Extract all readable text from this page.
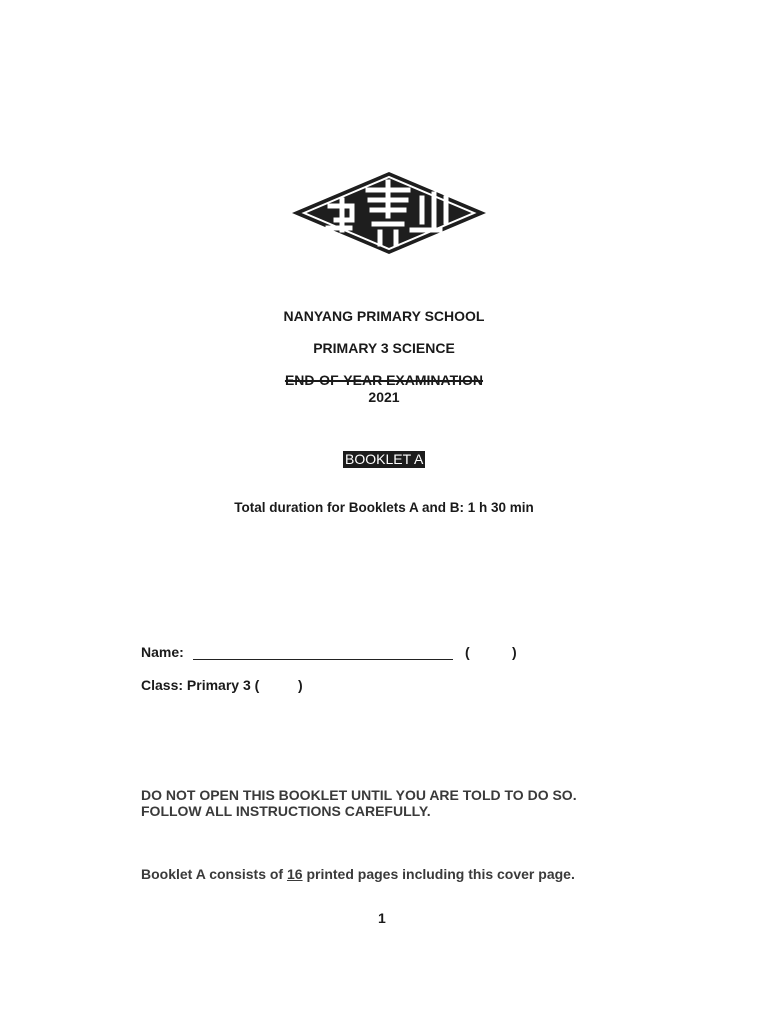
NANYANG PRIMARY SCHOOL
PRIMARY 3 SCIENCE
END-OF-YEAR EXAMINATION
2021
BOOKLET A
Total duration for Booklets A and B: 1 h 30 min
Name:	(	)
Class: Primary 3 (	)
DO NOT OPEN THIS BOOKLET UNTIL YOU ARE TOLD TO DO SO.
FOLLOW ALL INSTRUCTIONS CAREFULLY.
Booklet A consists of 16 printed pages including this cover page.
1
